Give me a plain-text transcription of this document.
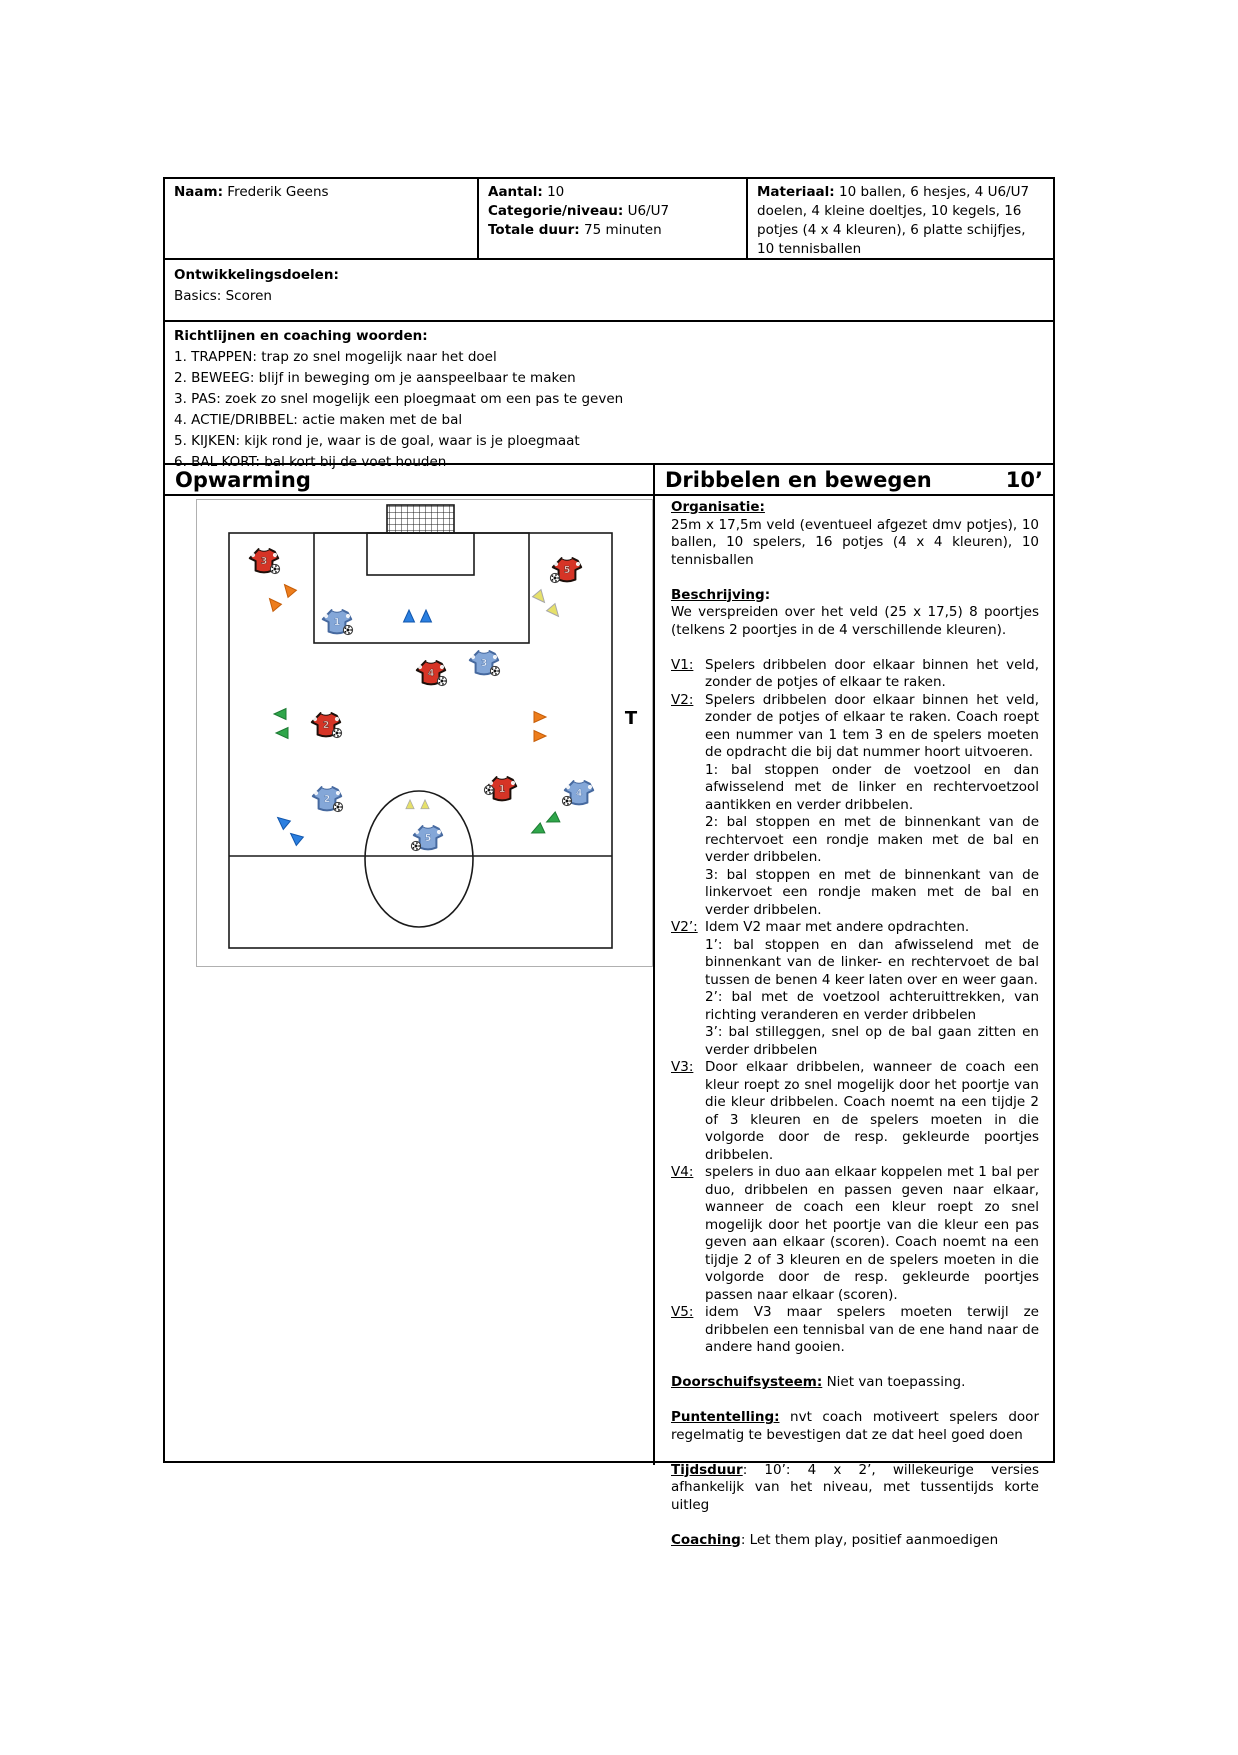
Naam: Frederik Geens	Aantal: 10
Categorie/niveau: U6/U7
Totale duur: 75 minuten
Materiaal: 10 ballen, 6 hesjes, 4 U6/U7 doelen, 4 kleine doeltjes, 10 kegels, 16 potjes (4 x 4 kleuren), 6 platte schijfjes, 10 tennisballen
Ontwikkelingsdoelen:
Basics: Scoren
Richtlijnen en coaching woorden:
1. TRAPPEN: trap zo snel mogelijk naar het doel
2. BEWEEG: blijf in beweging om je aanspeelbaar te maken
3. PAS: zoek zo snel mogelijk een ploegmaat om een pas te geven
4. ACTIE/DRIBBEL: actie maken met de bal
5. KIJKEN: kijk rond je, waar is de goal, waar is je ploegmaat
6. BAL KORT: bal kort bij de voet houden
Opwarming
3
5
1
4
3
2
2
1	4
5
T
Dribbelen en bewegen	10’

Organisatie:

25m x 17,5m veld (eventueel afgezet dmv potjes), 10 ballen, 10 spelers, 16 potjes (4 x 4 kleuren), 10 tennisballen

Beschrijving:

We verspreiden over het veld (25 x 17,5) 8 poortjes (telkens 2 poortjes in de 4 verschillende kleuren).

V1: Spelers dribbelen door elkaar binnen het veld, zonder de potjes of elkaar te raken.

V2: Spelers dribbelen door elkaar binnen het veld, zonder de potjes of elkaar te raken. Coach roept een nummer van 1 tem 3 en de spelers moeten de opdracht die bij dat nummer hoort uitvoeren.

1: bal stoppen onder de voetzool en dan afwisselend met de linker en rechtervoetzool aantikken en verder dribbelen.

2: bal stoppen en met de binnenkant van de rechtervoet een rondje maken met de bal en verder dribbelen.

3: bal stoppen en met de binnenkant van de linkervoet een rondje maken met de bal en verder dribbelen.

V2’: Idem V2 maar met andere opdrachten.

1’: bal stoppen en dan afwisselend met de binnenkant van de linker- en rechtervoet de bal tussen de benen 4 keer laten over en weer gaan.

2’: bal met de voetzool achteruittrekken, van richting veranderen en verder dribbelen

3’: bal stilleggen, snel op de bal gaan zitten en verder dribbelen

V3: Door elkaar dribbelen, wanneer de coach een kleur roept zo snel mogelijk door het poortje van die kleur dribbelen. Coach noemt na een tijdje 2 of 3 kleuren en de spelers moeten in die volgorde door de resp. gekleurde poortjes dribbelen.

V4: spelers in duo aan elkaar koppelen met 1 bal per duo, dribbelen en passen geven naar elkaar, wanneer de coach een kleur roept zo snel mogelijk door het poortje van die kleur een pas geven aan elkaar (scoren). Coach noemt na een tijdje 2 of 3 kleuren en de spelers moeten in die volgorde door de resp. gekleurde poortjes passen naar elkaar (scoren).

V5: idem V3 maar spelers moeten terwijl ze dribbelen een tennisbal van de ene hand naar de andere hand gooien.

Doorschuifsysteem: Niet van toepassing.

Puntentelling: nvt coach motiveert spelers door regelmatig te bevestigen dat ze dat heel goed doen

Tijdsduur: 10’: 4 x 2’, willekeurige versies afhankelijk van het niveau, met tussentijds korte uitleg

Coaching: Let them play, positief aanmoedigen
